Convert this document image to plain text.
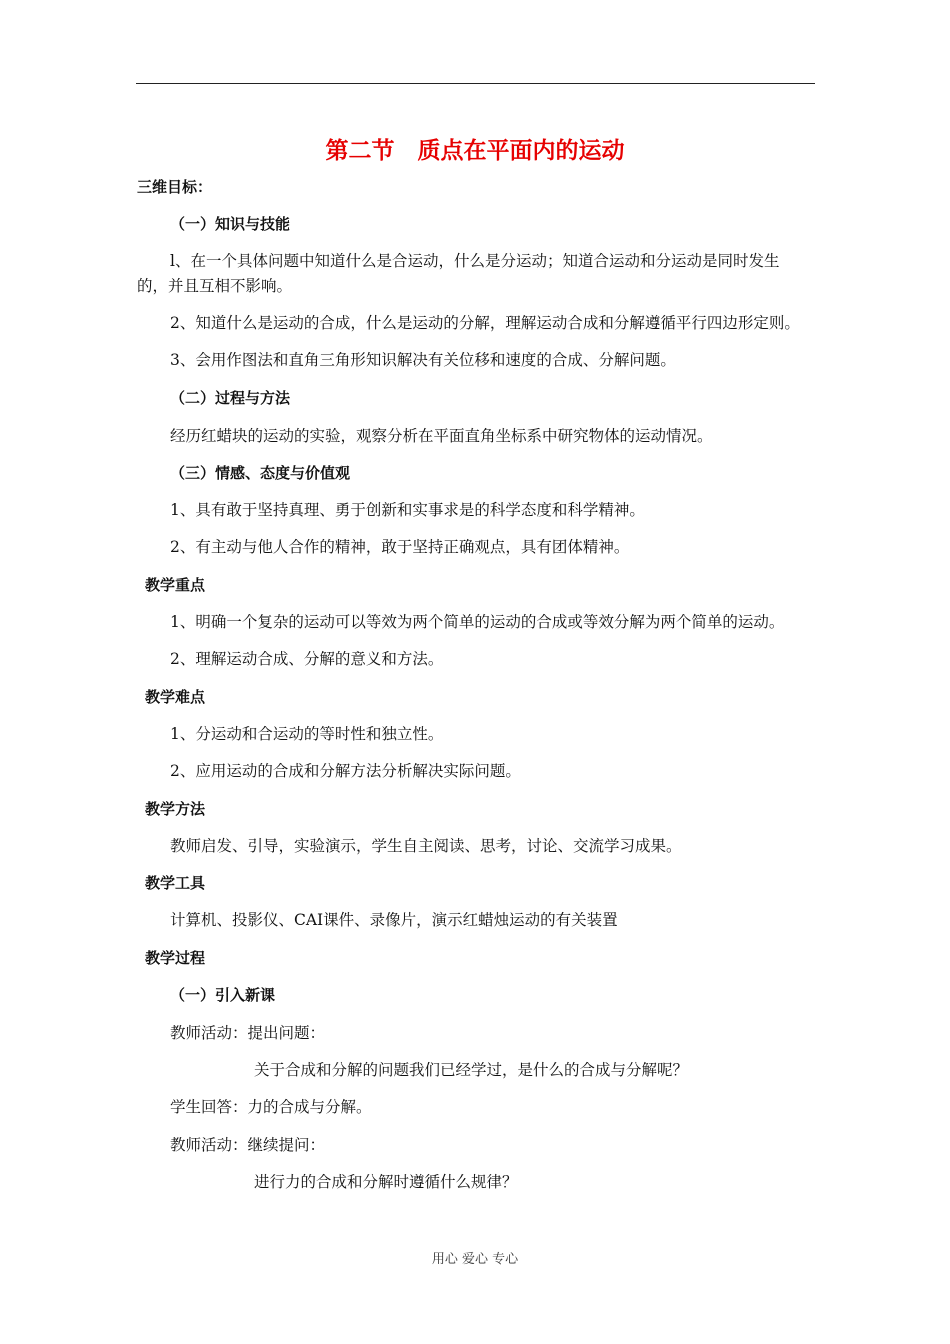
第二节　质点在平面内的运动
三维目标：
（一）知识与技能
l、在一个具体问题中知道什么是合运动，什么是分运动；知道合运动和分运动是同时发生
的，并且互相不影响。
2、知道什么是运动的合成，什么是运动的分解，理解运动合成和分解遵循平行四边形定则。
3、会用作图法和直角三角形知识解决有关位移和速度的合成、分解问题。
（二）过程与方法
经历红蜡块的运动的实验，观察分析在平面直角坐标系中研究物体的运动情况。
（三）情感、态度与价值观
1、具有敢于坚持真理、勇于创新和实事求是的科学态度和科学精神。
2、有主动与他人合作的精神，敢于坚持正确观点，具有团体精神。
教学重点
1、明确一个复杂的运动可以等效为两个简单的运动的合成或等效分解为两个简单的运动。
2、理解运动合成、分解的意义和方法。
教学难点
1、分运动和合运动的等时性和独立性。
2、应用运动的合成和分解方法分析解决实际问题。
教学方法
教师启发、引导，实验演示，学生自主阅读、思考，讨论、交流学习成果。
教学工具
计算机、投影仪、CAI课件、录像片，演示红蜡烛运动的有关装置
教学过程
（一）引入新课
教师活动：提出问题：
关于合成和分解的问题我们已经学过，是什么的合成与分解呢？
学生回答：力的合成与分解。
教师活动：继续提问：
进行力的合成和分解时遵循什么规律？
用心 爱心 专心
